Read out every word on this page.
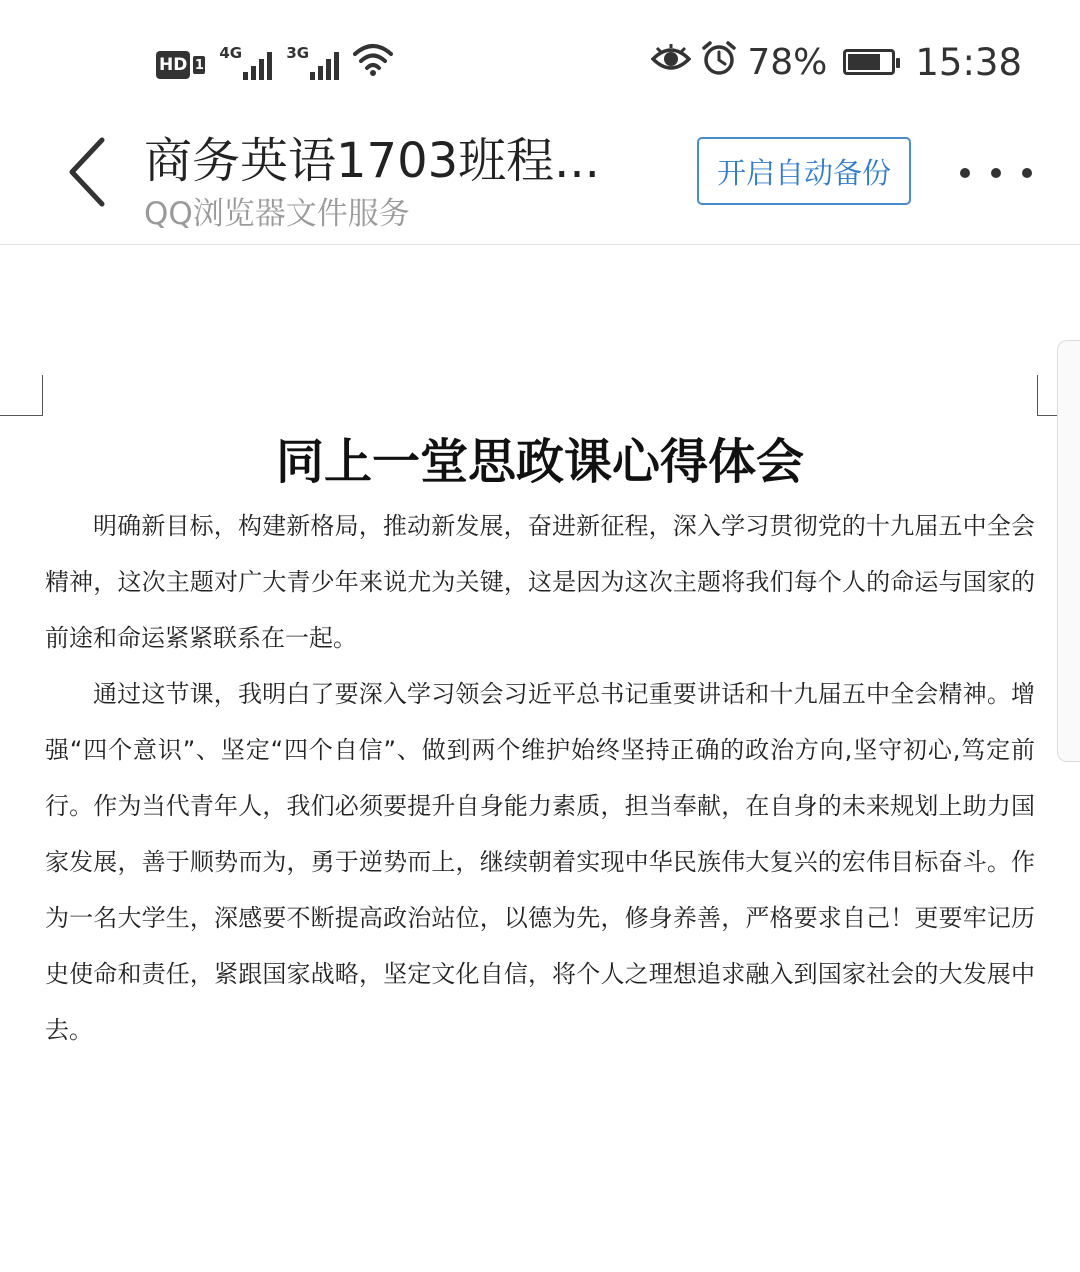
HD 1
4G	3G	78% 15:38
商务英语1703班程...
QQ浏览器文件服务
开启自动备份
同上一堂思政课心得体会

明确新目标，构建新格局，推动新发展，奋进新征程，深入学习贯彻党的十九届五中全会精神，这次主题对广大青少年来说尤为关键，这是因为这次主题将我们每个人的命运与国家的前途和命运紧紧联系在一起。

通过这节课，我明白了要深入学习领会习近平总书记重要讲话和十九届五中全会精神。增强“四个意识”、坚定“四个自信”、做到两个维护始终坚持正确的政治方向,坚守初心,笃定前行。作为当代青年人，我们必须要提升自身能力素质，担当奉献，在自身的未来规划上助力国家发展，善于顺势而为，勇于逆势而上，继续朝着实现中华民族伟大复兴的宏伟目标奋斗。作为一名大学生，深感要不断提高政治站位，以德为先，修身养善，严格要求自己！更要牢记历史使命和责任，紧跟国家战略，坚定文化自信，将个人之理想追求融入到国家社会的大发展中去。
